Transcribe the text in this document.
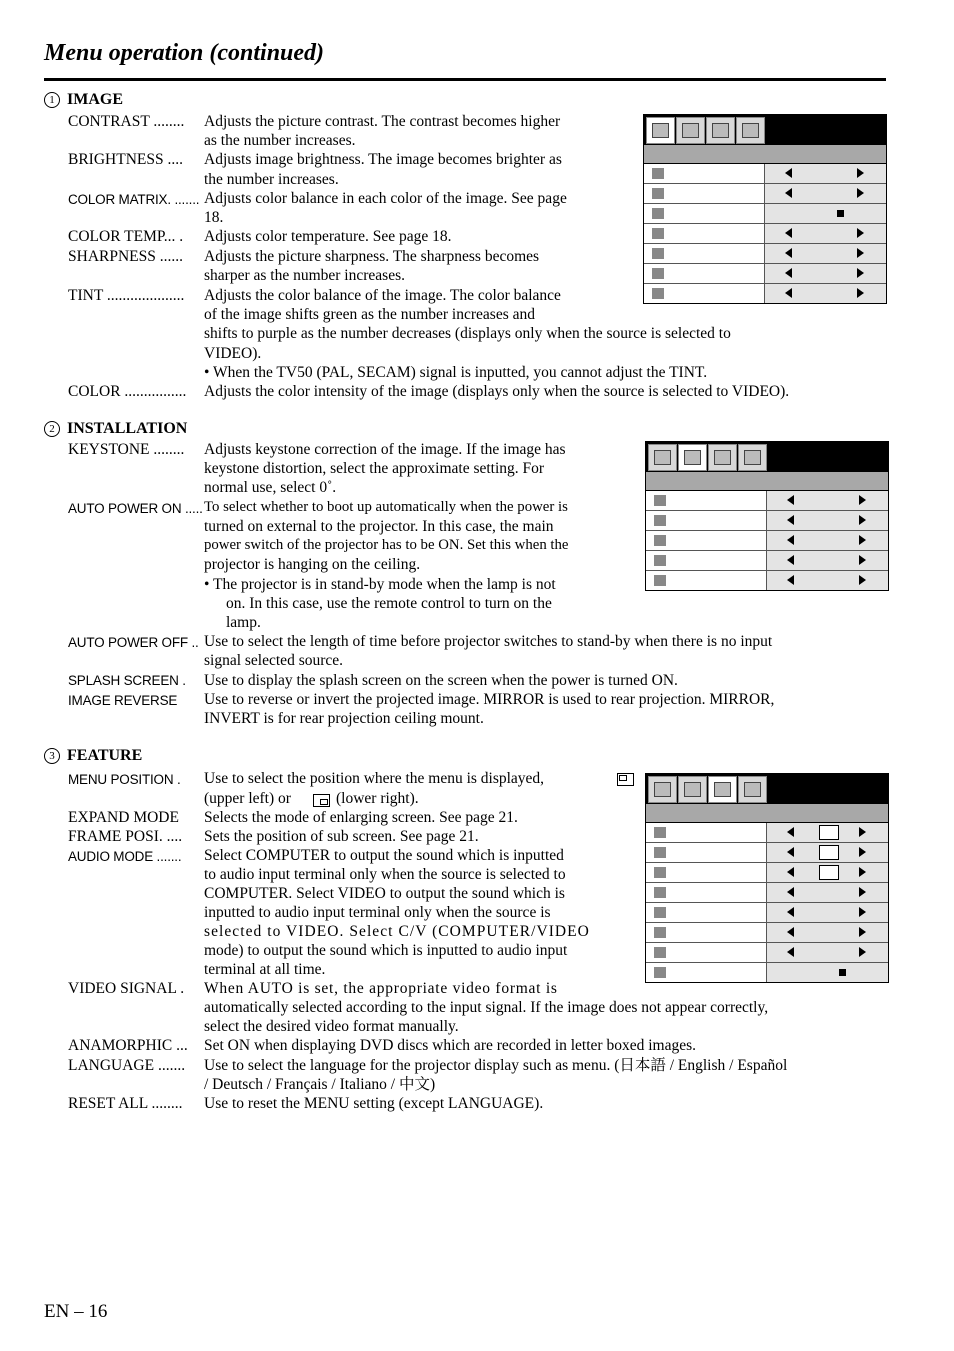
Menu operation (continued)
1 IMAGE
CONTRAST ........ Adjusts the picture contrast. The contrast becomes higher
as the number increases.
BRIGHTNESS .... Adjusts image brightness. The image becomes brighter as
the number increases.
COLOR MATRIX. ....... Adjusts color balance in each color of the image. See page
18.
COLOR TEMP... . Adjusts color temperature. See page 18.
SHARPNESS ...... Adjusts the picture sharpness. The sharpness becomes
sharper as the number increases.
TINT .................... Adjusts the color balance of the image. The color balance
of the image shifts green as the number increases and
shifts to purple as the number decreases (displays only when the source is selected to
VIDEO).
• When the TV50 (PAL, SECAM) signal is inputted, you cannot adjust the TINT.
COLOR ................ Adjusts the color intensity of the image (displays only when the source is selected to VIDEO).
2 INSTALLATION
KEYSTONE ........ Adjusts keystone correction of the image. If the image has
keystone distortion, select the approximate setting. For
normal use, select 0˚.
AUTO POWER ON ..... To select whether to boot up automatically when the power is
turned on external to the projector. In this case, the main
power switch of the projector has to be ON. Set this when the
projector is hanging on the ceiling.
• The projector is in stand-by mode when the lamp is not
on. In this case, use the remote control to turn on the
lamp.
AUTO POWER OFF .. Use to select the length of time before projector switches to stand-by when there is no input
signal selected source.
SPLASH SCREEN . Use to display the splash screen on the screen when the power is turned ON.
IMAGE REVERSE Use to reverse or invert the projected image. MIRROR is used to rear projection. MIRROR,
INVERT is for rear projection ceiling mount.
3 FEATURE
MENU POSITION . Use to select the position where the menu is displayed,
(upper left) or	(lower right).
EXPAND MODE Selects the mode of enlarging screen. See page 21.
FRAME POSI. .... Sets the position of sub screen. See page 21.
AUDIO MODE ....... Select COMPUTER to output the sound which is inputted
to audio input terminal only when the source is selected to
COMPUTER. Select VIDEO to output the sound which is
inputted to audio input terminal only when the source is
selected to VIDEO. Select C/V (COMPUTER/VIDEO
mode) to output the sound which is inputted to audio input
terminal at all time.
VIDEO SIGNAL . When AUTO is set, the appropriate video format is
automatically selected according to the input signal. If the image does not appear correctly,
select the desired video format manually.
ANAMORPHIC ... Set ON when displaying DVD discs which are recorded in letter boxed images.
LANGUAGE ....... Use to select the language for the projector display such as menu. (日本語 / English / Español
/ Deutsch / Français / Italiano / 中文)
RESET ALL ........ Use to reset the MENU setting (except LANGUAGE).
EN – 16
